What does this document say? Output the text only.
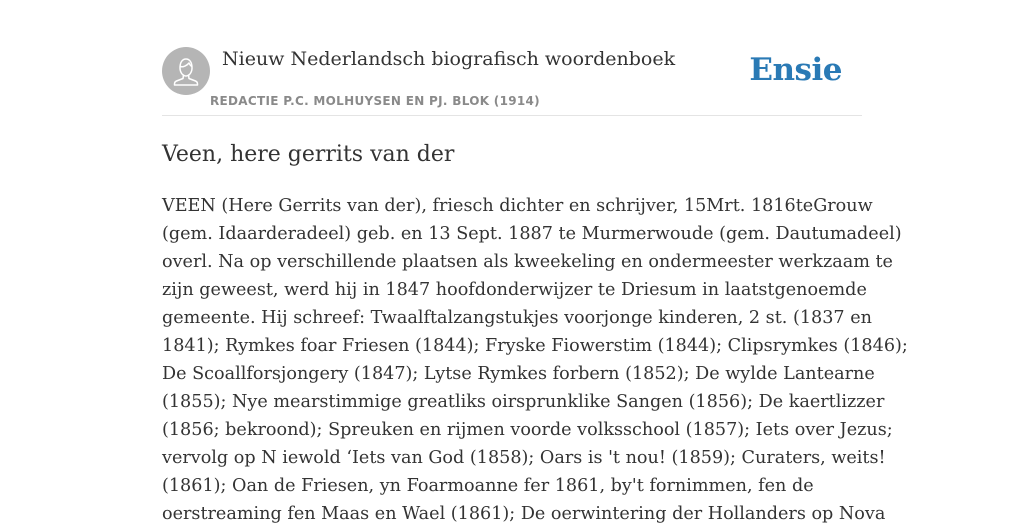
Nieuw Nederlandsch biografisch woordenboek
REDACTIE P.C. MOLHUYSEN EN PJ. BLOK (1914)
Ensie
Veen, here gerrits van der

VEEN (Here Gerrits van der), friesch dichter en schrijver, 15Mrt. 1816teGrouw
(gem. Idaarderadeel) geb. en 13 Sept. 1887 te Murmerwoude (gem. Dautumadeel)
overl. Na op verschillende plaatsen als kweekeling en ondermeester werkzaam te
zijn geweest, werd hij in 1847 hoofdonderwijzer te Driesum in laatstgenoemde
gemeente. Hij schreef: Twaalftalzangstukjes voorjonge kinderen, 2 st. (1837 en
1841); Rymkes foar Friesen (1844); Fryske Fiowerstim (1844); Clipsrymkes (1846);
De Scoallforsjongery (1847); Lytse Rymkes forbern (1852); De wylde Lantearne
(1855); Nye mearstimmige greatliks oirsprunklike Sangen (1856); De kaertlizzer
(1856; bekroond); Spreuken en rijmen voorde volksschool (1857); Iets over Jezus;
vervolg op N iewold ‘Iets van God (1858); Oars is 't nou! (1859); Curaters, weits!
(1861); Oan de Friesen, yn Foarmoanne fer 1861, by't fornimmen, fen de
oerstreaming fen Maas en Wael (1861); De oerwintering der Hollanders op Nova
